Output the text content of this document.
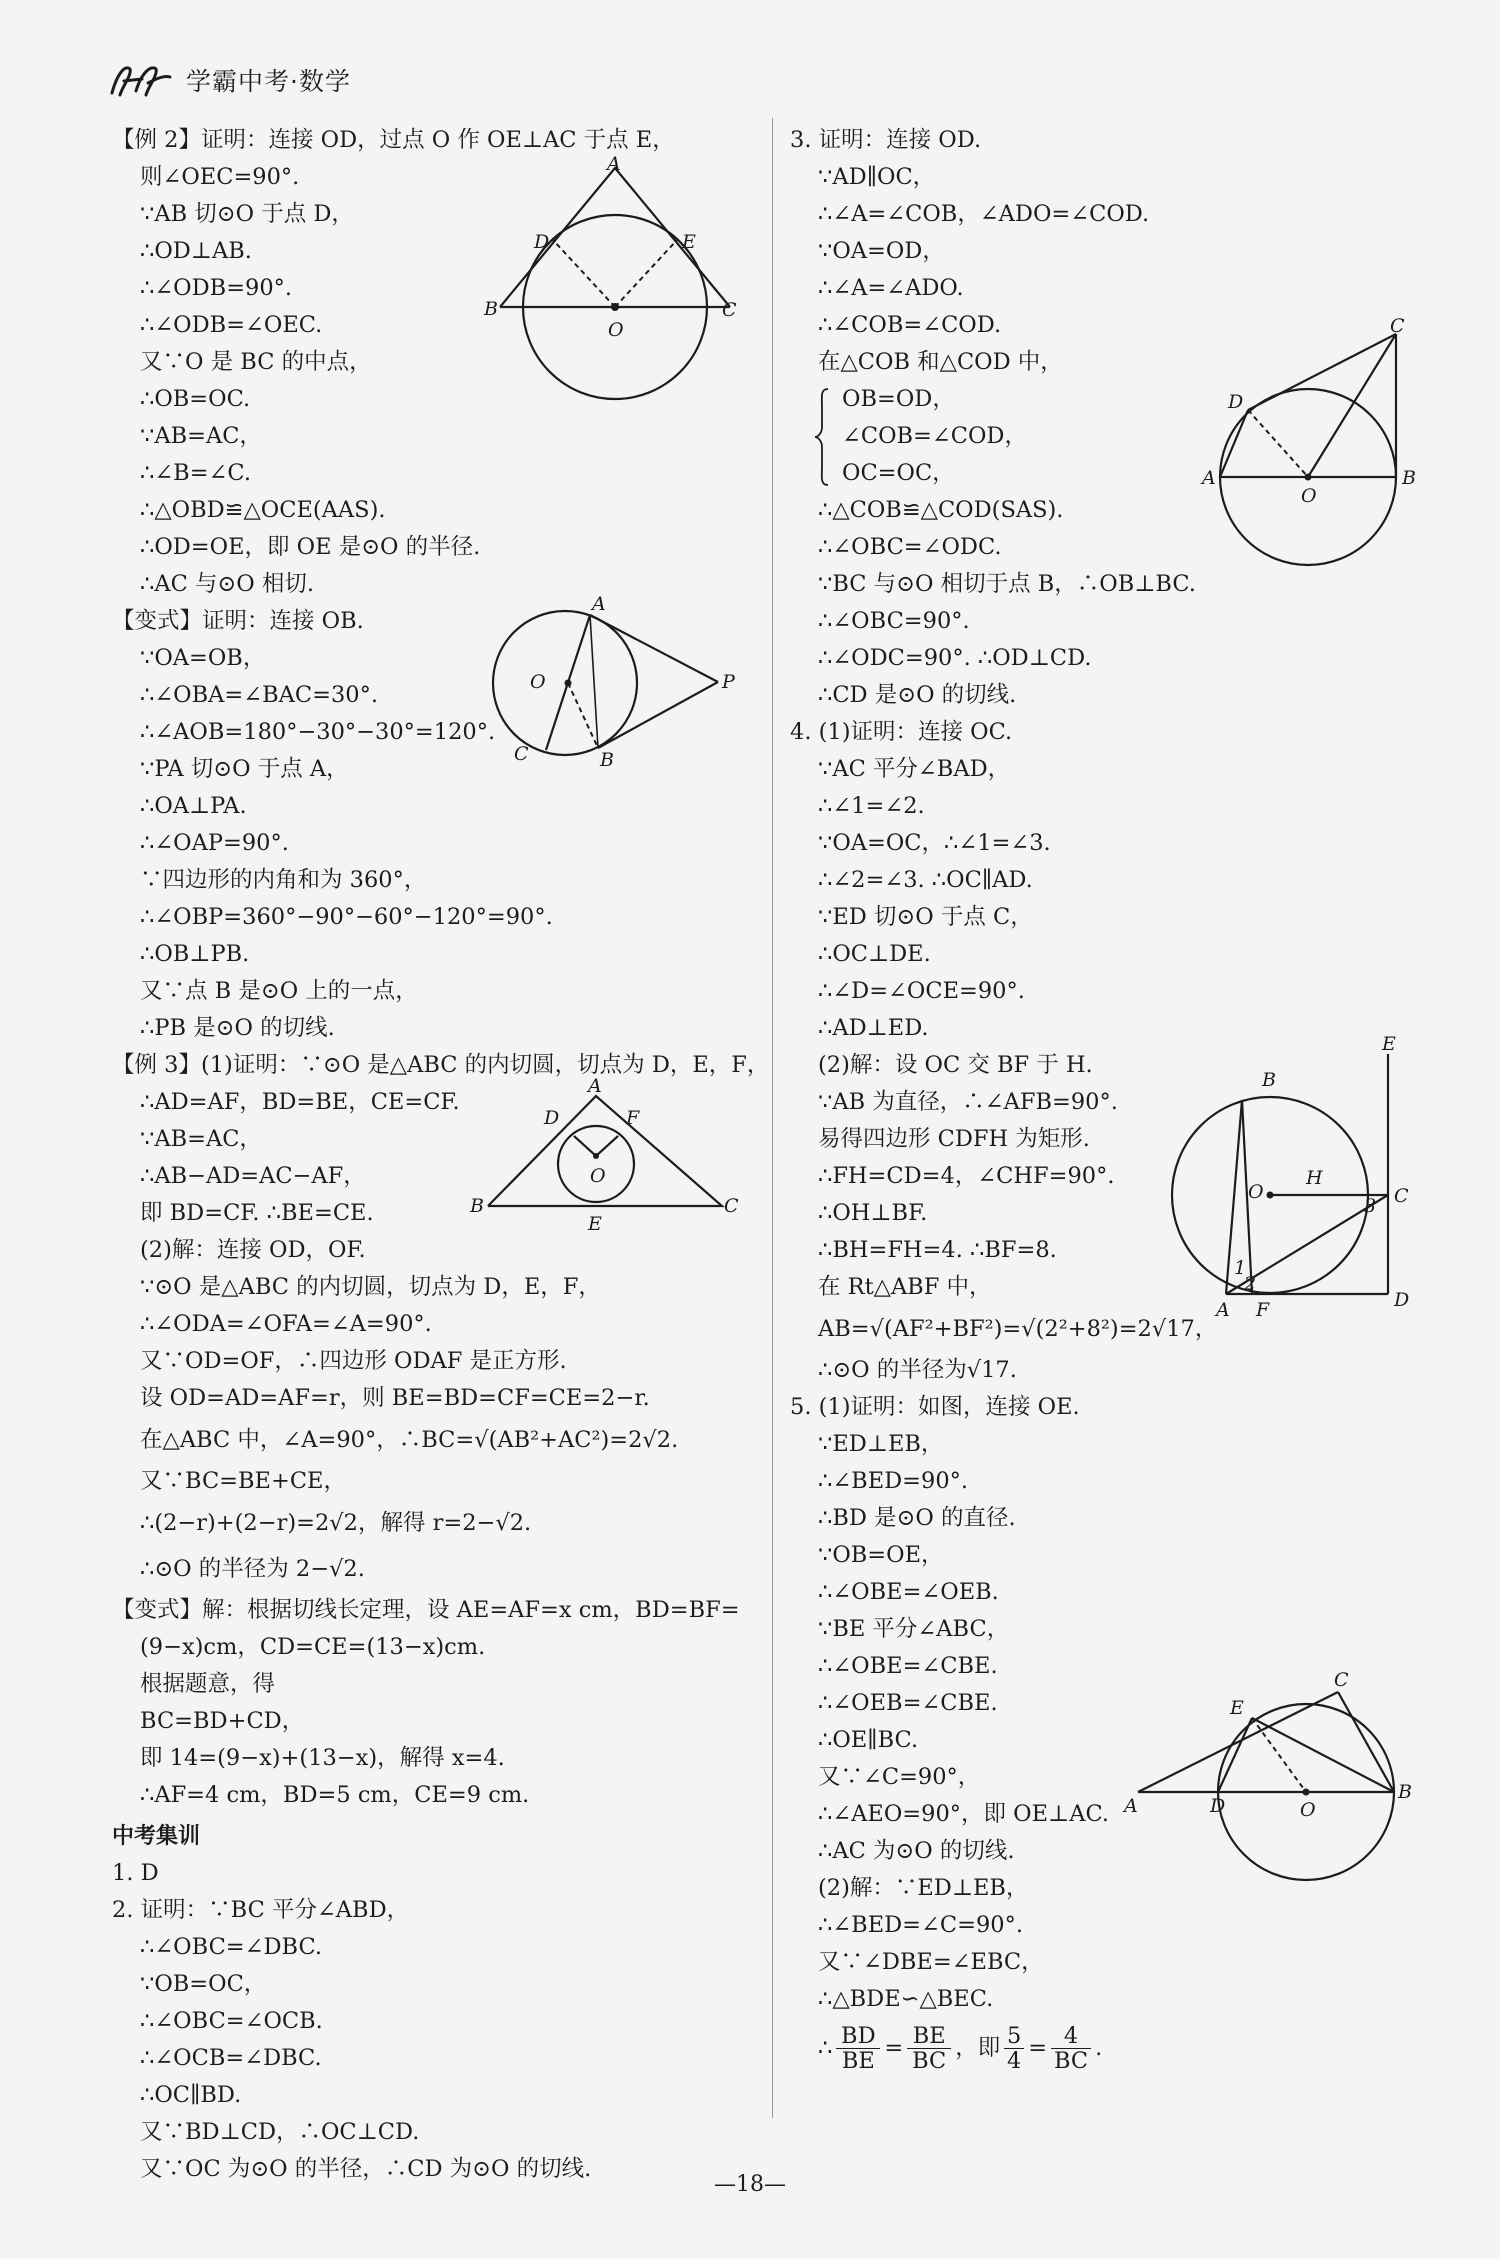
学霸中考·数学
【例 2】证明：连接 OD，过点 O 作 OE⊥AC 于点 E，
则∠OEC=90°.
∵AB 切⊙O 于点 D，
∴OD⊥AB.
∴∠ODB=90°.
∴∠ODB=∠OEC.
又∵O 是 BC 的中点，
∴OB=OC.
∵AB=AC，
∴∠B=∠C.
∴△OBD≌△OCE(AAS).
∴OD=OE，即 OE 是⊙O 的半径.
∴AC 与⊙O 相切.
【变式】证明：连接 OB.
∵OA=OB，
∴∠OBA=∠BAC=30°.
∴∠AOB=180°−30°−30°=120°.
∵PA 切⊙O 于点 A，
∴OA⊥PA.
∴∠OAP=90°.
∵四边形的内角和为 360°，
∴∠OBP=360°−90°−60°−120°=90°.
∴OB⊥PB.
又∵点 B 是⊙O 上的一点，
∴PB 是⊙O 的切线.
【例 3】(1)证明：∵⊙O 是△ABC 的内切圆，切点为 D，E，F，
∴AD=AF，BD=BE，CE=CF.
∵AB=AC，
∴AB−AD=AC−AF，
即 BD=CF. ∴BE=CE.
(2)解：连接 OD，OF.
∵⊙O 是△ABC 的内切圆，切点为 D，E，F，
∴∠ODA=∠OFA=∠A=90°.
又∵OD=OF，∴四边形 ODAF 是正方形.
设 OD=AD=AF=r，则 BE=BD=CF=CE=2−r.
在△ABC 中，∠A=90°，∴BC=√(AB²+AC²)=2√2.
又∵BC=BE+CE，
∴(2−r)+(2−r)=2√2，解得 r=2−√2.
∴⊙O 的半径为 2−√2.
【变式】解：根据切线长定理，设 AE=AF=x cm，BD=BF=
(9−x)cm，CD=CE=(13−x)cm.
根据题意，得
BC=BD+CD，
即 14=(9−x)+(13−x)，解得 x=4.
∴AF=4 cm，BD=5 cm，CE=9 cm.
中考集训
1. D
2. 证明：∵BC 平分∠ABD，
∴∠OBC=∠DBC.
∵OB=OC，
∴∠OBC=∠OCB.
∴∠OCB=∠DBC.
∴OC∥BD.
又∵BD⊥CD，∴OC⊥CD.
又∵OC 为⊙O 的半径，∴CD 为⊙O 的切线.
3. 证明：连接 OD.
∵AD∥OC，
∴∠A=∠COB，∠ADO=∠COD.
∵OA=OD，
∴∠A=∠ADO.
∴∠COB=∠COD.
在△COB 和△COD 中，
OB=OD，
∠COB=∠COD，
OC=OC，
∴△COB≌△COD(SAS).
∴∠OBC=∠ODC.
∵BC 与⊙O 相切于点 B，∴OB⊥BC.
∴∠OBC=90°.
∴∠ODC=90°. ∴OD⊥CD.
∴CD 是⊙O 的切线.
4. (1)证明：连接 OC.
∵AC 平分∠BAD，
∴∠1=∠2.
∵OA=OC，∴∠1=∠3.
∴∠2=∠3. ∴OC∥AD.
∵ED 切⊙O 于点 C，
∴OC⊥DE.
∴∠D=∠OCE=90°.
∴AD⊥ED.
(2)解：设 OC 交 BF 于 H.
∵AB 为直径，∴∠AFB=90°.
易得四边形 CDFH 为矩形.
∴FH=CD=4，∠CHF=90°.
∴OH⊥BF.
∴BH=FH=4. ∴BF=8.
在 Rt△ABF 中，
AB=√(AF²+BF²)=√(2²+8²)=2√17，
∴⊙O 的半径为√17.
5. (1)证明：如图，连接 OE.
∵ED⊥EB，
∴∠BED=90°.
∴BD 是⊙O 的直径.
∵OB=OE，
∴∠OBE=∠OEB.
∵BE 平分∠ABC，
∴∠OBE=∠CBE.
∴∠OEB=∠CBE.
∴OE∥BC.
又∵∠C=90°，
∴∠AEO=90°，即 OE⊥AC.
∴AC 为⊙O 的切线.
(2)解：∵ED⊥EB，
∴∠BED=∠C=90°.
又∵∠DBE=∠EBC，
∴△BDE∽△BEC.
∴ BD
BE = BE
BC ，即 5
4 = 4
BC .
A
D	E
B
O
C
A
O	P
C	B
A
D	F
O
B
E
C
C
D
A
O
B
B
E
O
H
C
3
1
2
A F	D
C
E
A	D	O
B
—18—
